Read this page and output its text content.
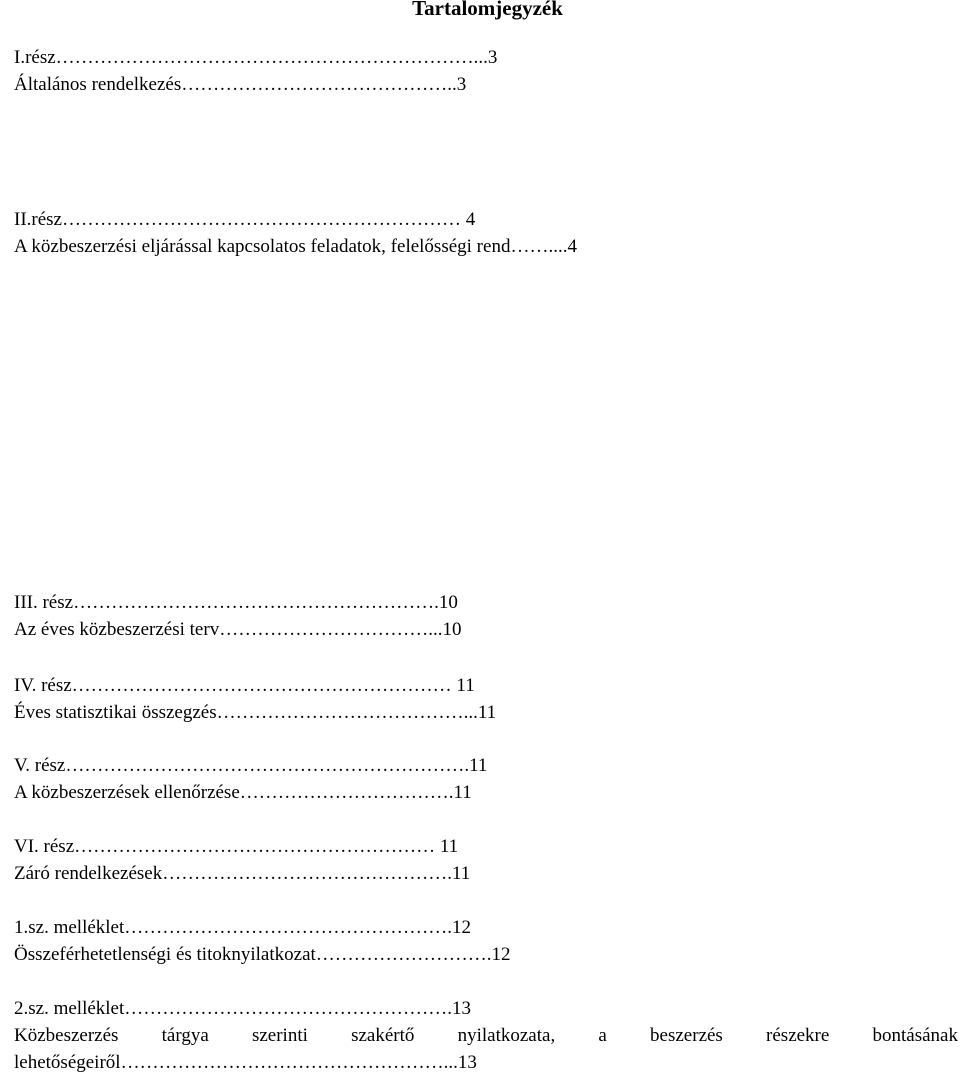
Tartalomjegyzék
I.rész…………………………………………………………...3
Általános rendelkezés……………………………………..3
II.rész……………………………………………………… 4
A közbeszerzési eljárással kapcsolatos feladatok, felelősségi rend……....4
III. rész………………………………………………….10
Az éves közbeszerzési terv……………………………...10
IV. rész…………………………………………………… 11
Éves statisztikai összegzés…………………………………...11
V. rész……………………………………………………….11
A közbeszerzések ellenőrzése…………………………….11
VI. rész………………………………………………… 11
Záró rendelkezések……………………………………….11
1.sz. melléklet…………………………………………….12
Összeférhetetlenségi és titoknyilatkozat……………………….12
2.sz. melléklet…………………………………………….13
Közbeszerzés tárgya szerinti szakértő nyilatkozata, a beszerzés részekre bontásának
lehetőségeiről……………………………………………...13
